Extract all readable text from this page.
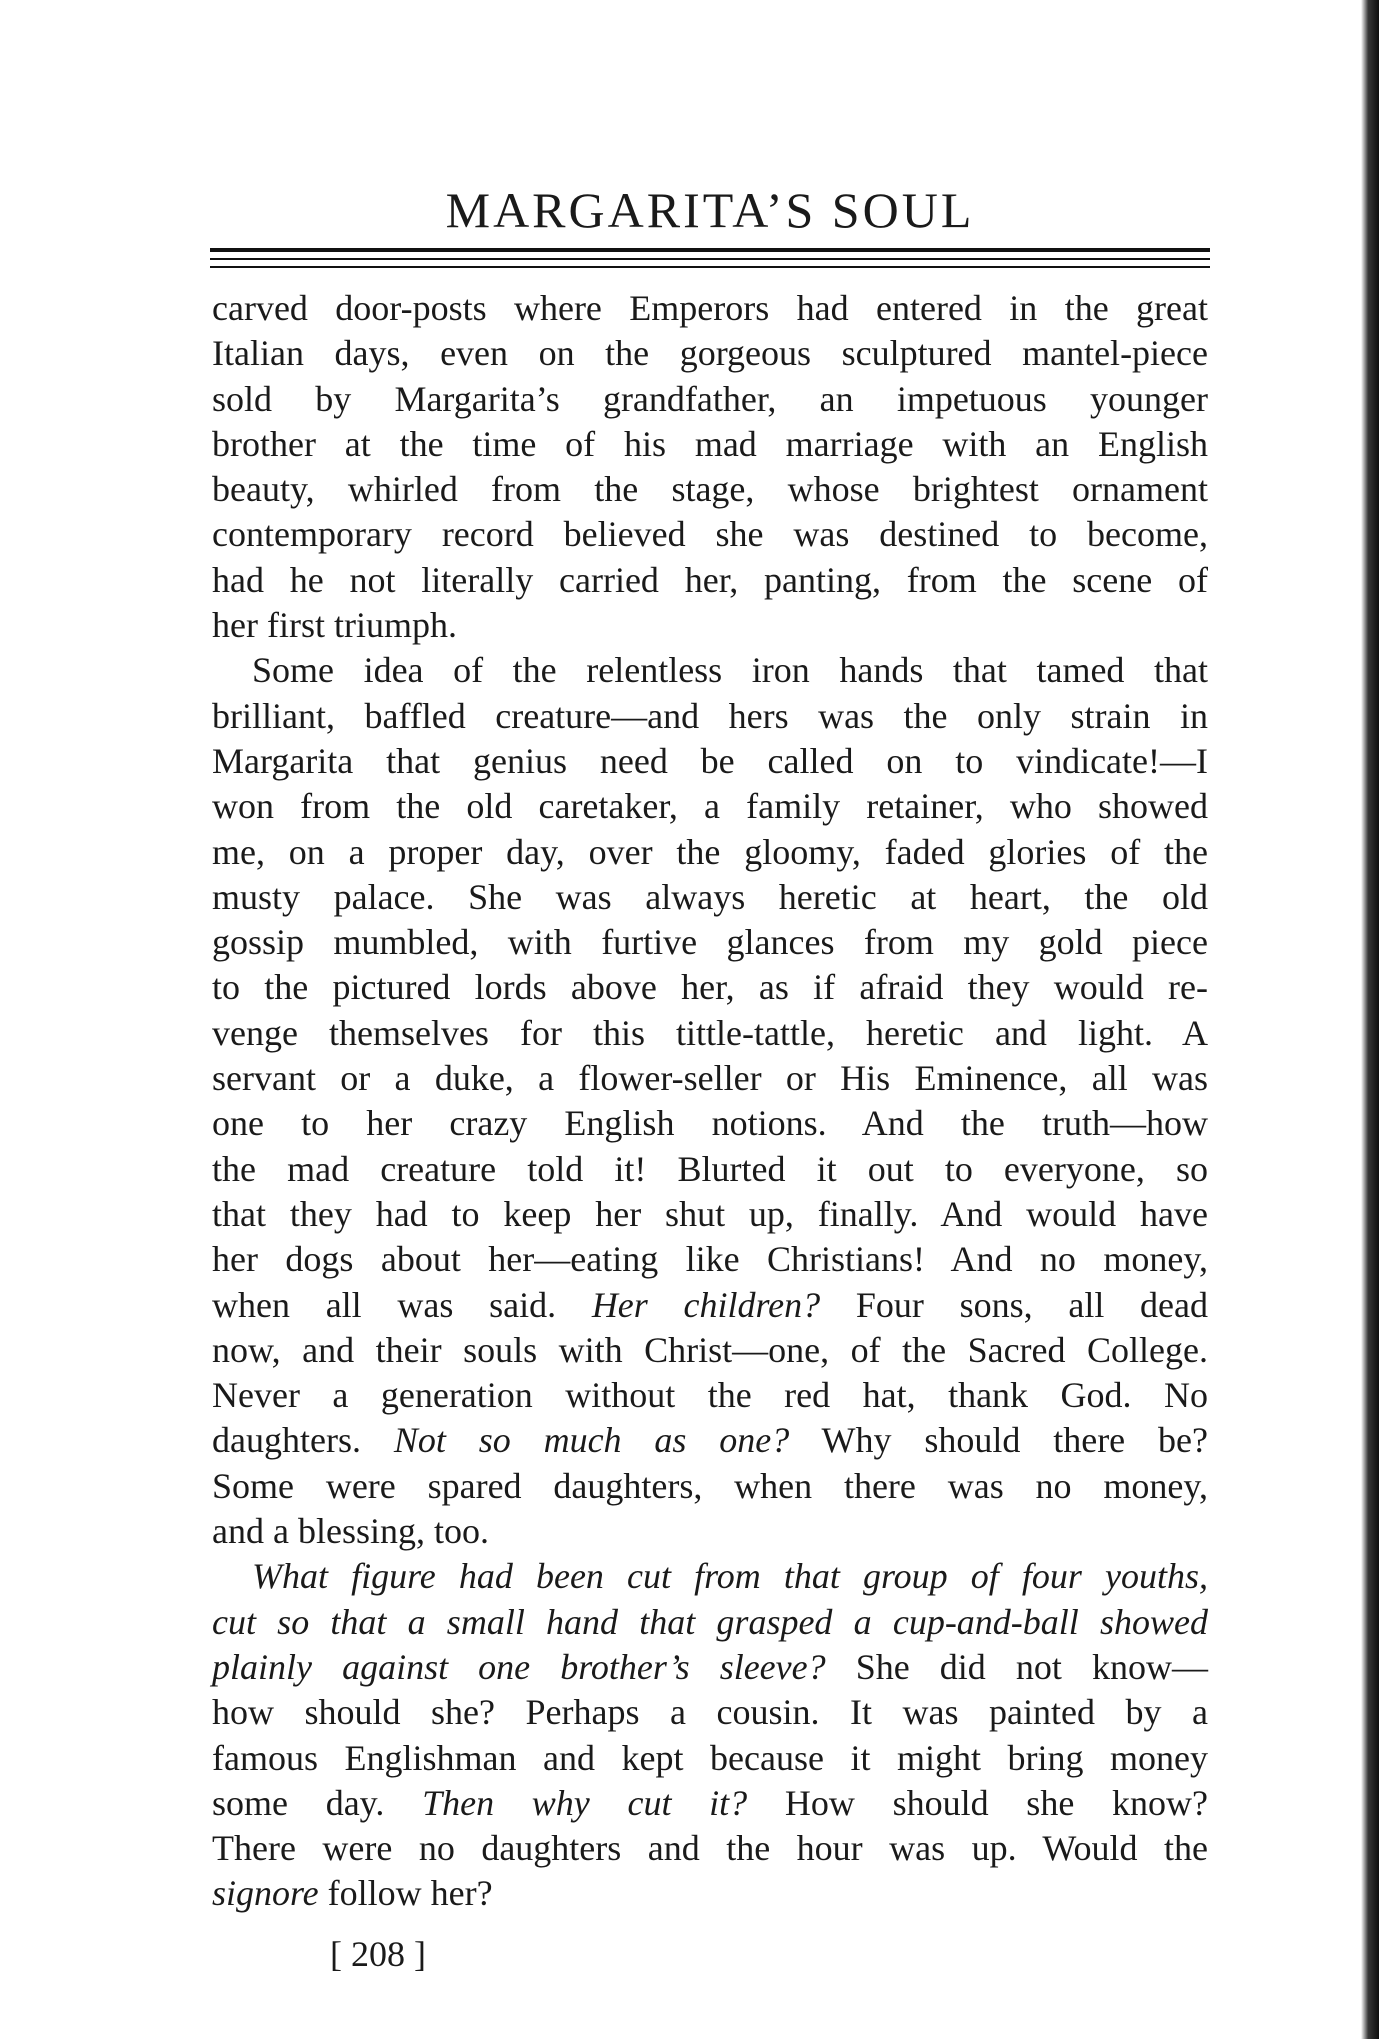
MARGARITA’S SOUL
carved door-posts where Emperors had entered in the great
Italian days, even on the gorgeous sculptured mantel-piece
sold by Margarita’s grandfather, an impetuous younger
brother at the time of his mad marriage with an English
beauty, whirled from the stage, whose brightest ornament
contemporary record believed she was destined to become,
had he not literally carried her, panting, from the scene of
her first triumph.
Some idea of the relentless iron hands that tamed that
brilliant, baffled creature—and hers was the only strain in
Margarita that genius need be called on to vindicate!—I
won from the old caretaker, a family retainer, who showed
me, on a proper day, over the gloomy, faded glories of the
musty palace. She was always heretic at heart, the old
gossip mumbled, with furtive glances from my gold piece
to the pictured lords above her, as if afraid they would re-
venge themselves for this tittle-tattle, heretic and light. A
servant or a duke, a flower-seller or His Eminence, all was
one to her crazy English notions. And the truth—how
the mad creature told it! Blurted it out to everyone, so
that they had to keep her shut up, finally. And would have
her dogs about her—eating like Christians! And no money,
when all was said. Her children? Four sons, all dead
now, and their souls with Christ—one, of the Sacred College.
Never a generation without the red hat, thank God. No
daughters. Not so much as one? Why should there be?
Some were spared daughters, when there was no money,
and a blessing, too.
What figure had been cut from that group of four youths,
cut so that a small hand that grasped a cup-and-ball showed
plainly against one brother’s sleeve? She did not know—
how should she? Perhaps a cousin. It was painted by a
famous Englishman and kept because it might bring money
some day. Then why cut it? How should she know?
There were no daughters and the hour was up. Would the
signore follow her?
[ 208 ]
